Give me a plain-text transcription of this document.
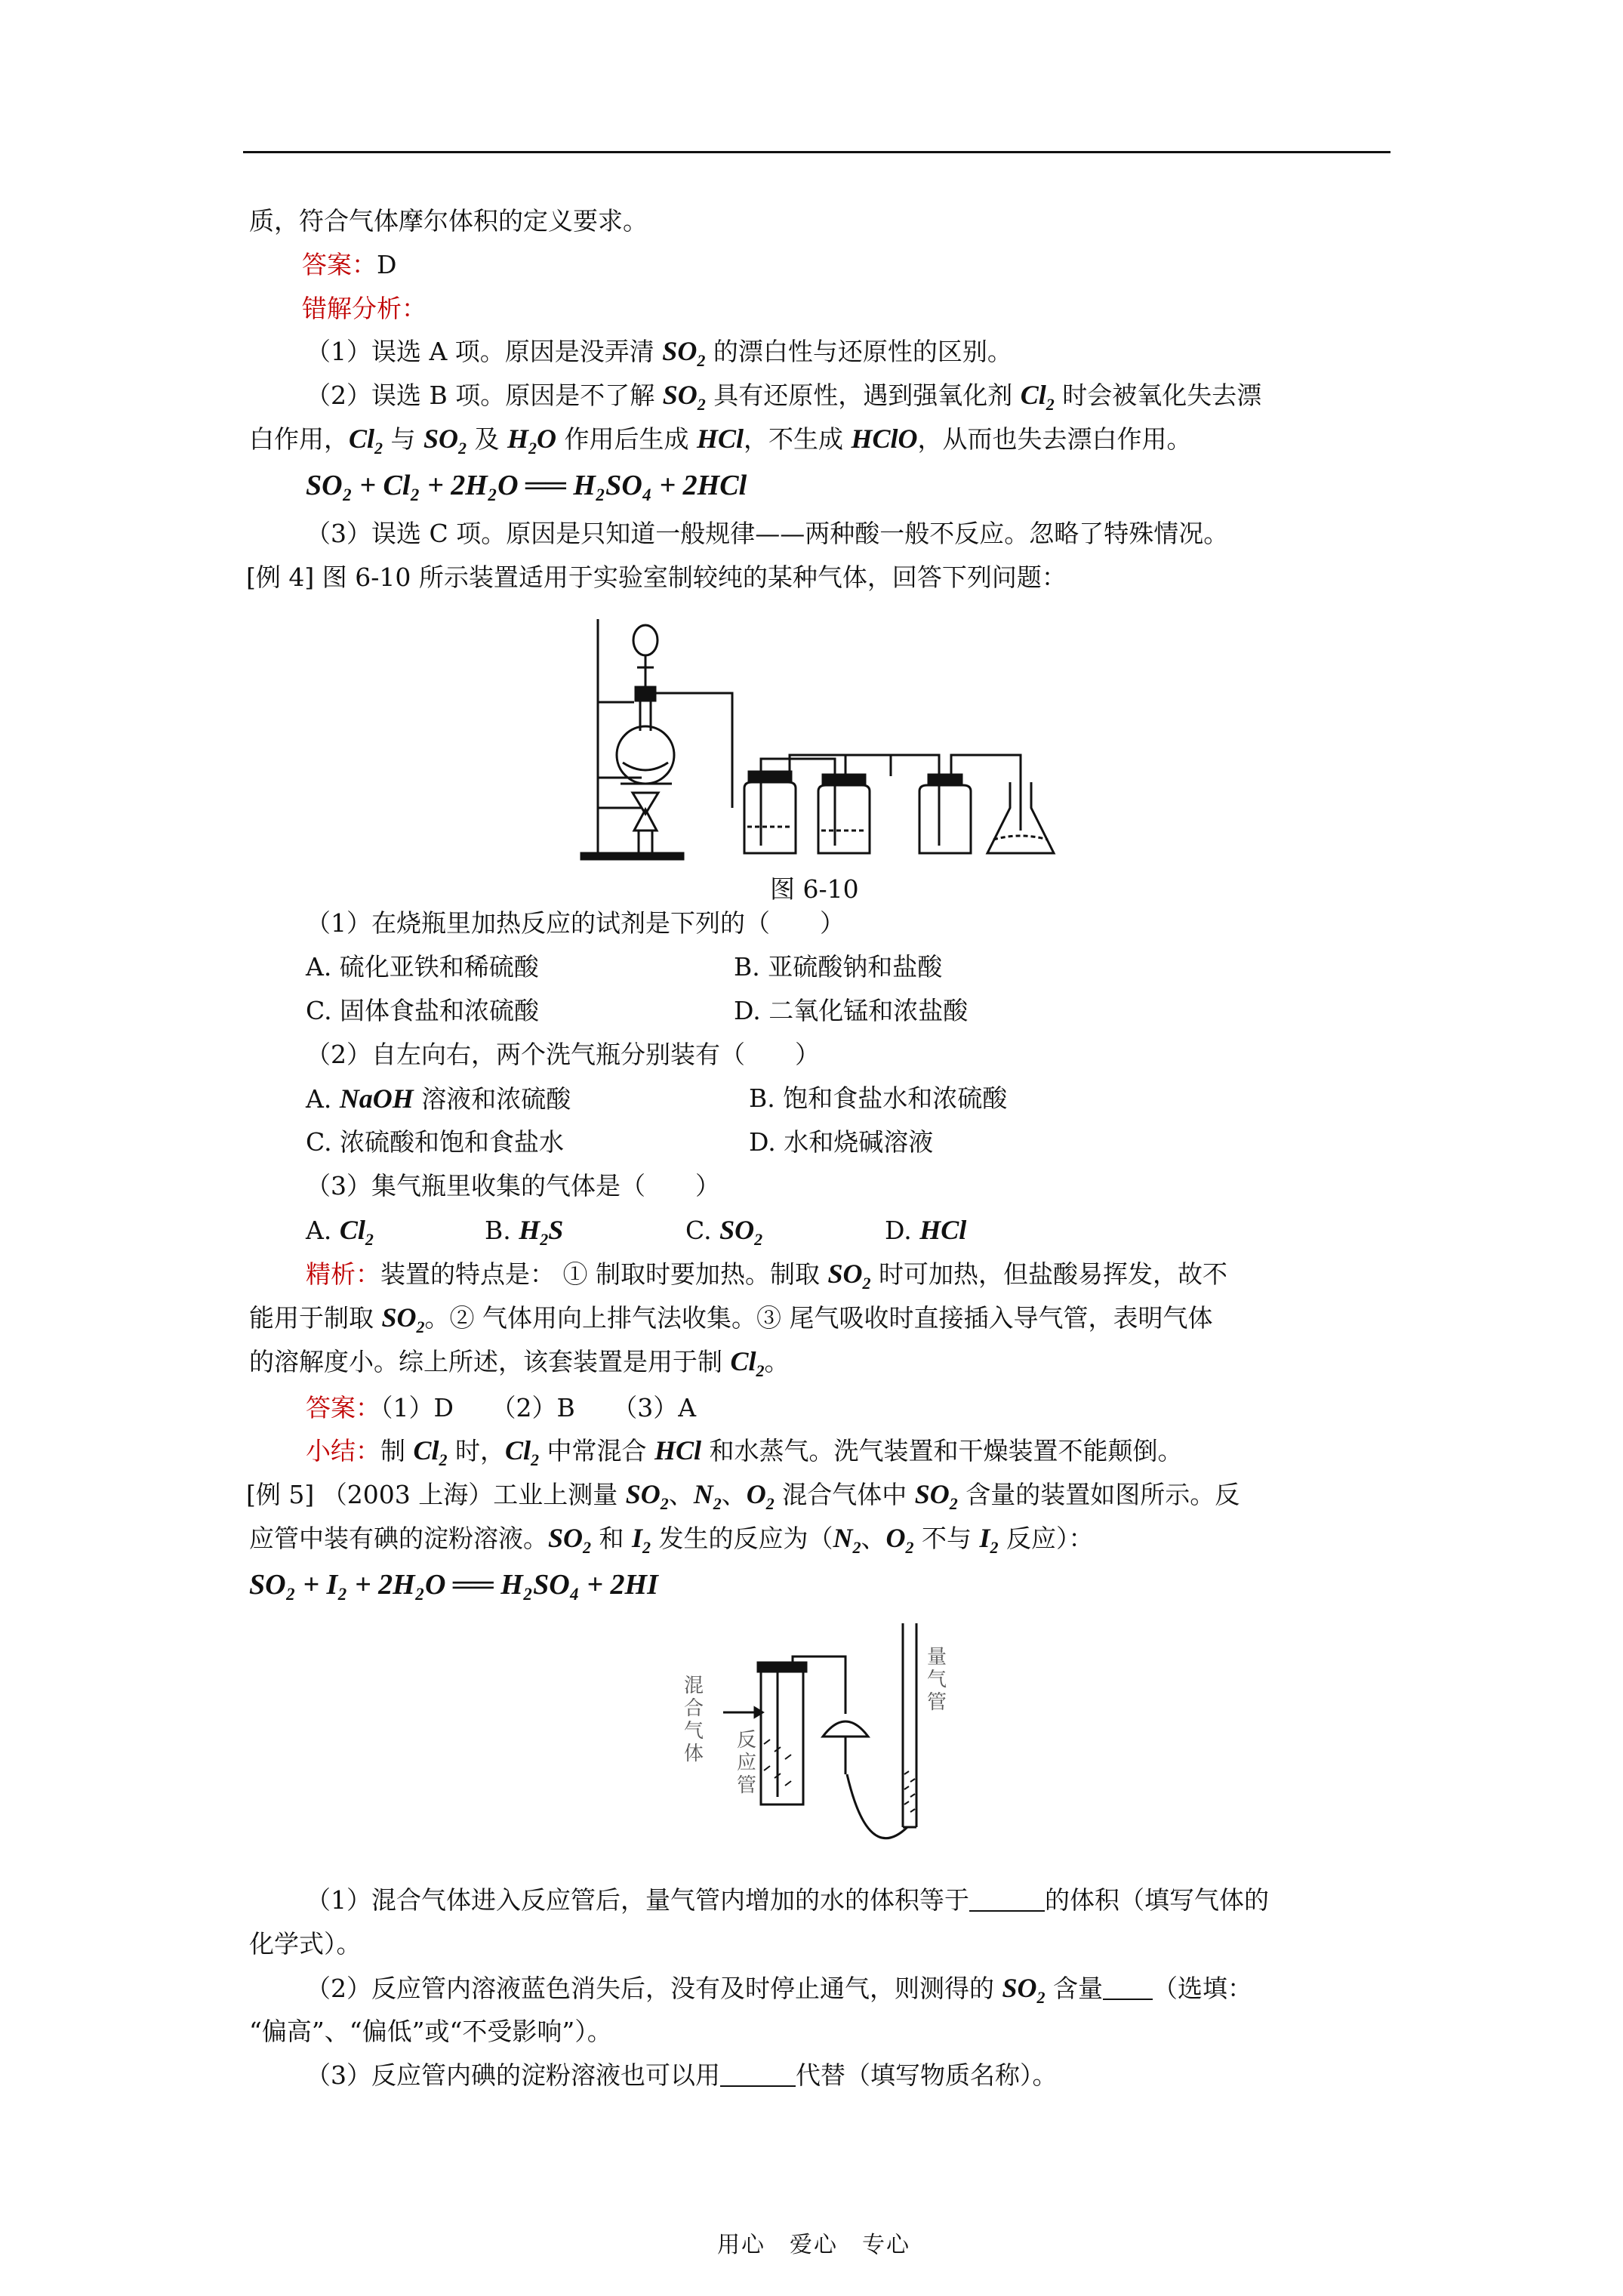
质，符合气体摩尔体积的定义要求。
答案：D
错解分析：
（1）误选 A 项。原因是没弄清 $SO_2$ 的漂白性与还原性的区别。
（2）误选 B 项。原因是不了解 $SO_2$ 具有还原性，遇到强氧化剂 $Cl_2$ 时会被氧化失去漂
白作用，$Cl_2$ 与 $SO_2$ 及 $H_2O$ 作用后生成 HCl，不生成 HClO，从而也失去漂白作用。
SO₂ + Cl₂ + 2H₂O ══ H₂SO₄ + 2HCl
（3）误选 C 项。原因是只知道一般规律——两种酸一般不反应。忽略了特殊情况。
[例 4] 图 6-10 所示装置适用于实验室制较纯的某种气体，回答下列问题：
图 6-10
（1）在烧瓶里加热反应的试剂是下列的（　　）
A. 硫化亚铁和稀硫酸	B. 亚硫酸钠和盐酸
C. 固体食盐和浓硫酸	D. 二氧化锰和浓盐酸
（2）自左向右，两个洗气瓶分别装有（　　）
A. NaOH 溶液和浓硫酸	B. 饱和食盐水和浓硫酸
C. 浓硫酸和饱和食盐水	D. 水和烧碱溶液
（3）集气瓶里收集的气体是（　　）
A. $Cl_2$	B. $H_2S$	C. $SO_2$	D. HCl
精析：装置的特点是： ① 制取时要加热。制取 $SO_2$ 时可加热，但盐酸易挥发，故不
能用于制取 $SO_2$。② 气体用向上排气法收集。③ 尾气吸收时直接插入导气管，表明气体
的溶解度小。综上所述，该套装置是用于制 $Cl_2$。
答案：（1）D　　（2）B　　（3）A
小结：制 $Cl_2$ 时，$Cl_2$ 中常混合 HCl 和水蒸气。洗气装置和干燥装置不能颠倒。
[例 5] （2003 上海）工业上测量 $SO_2$、$N_2$、$O_2$ 混合气体中 $SO_2$ 含量的装置如图所示。反
应管中装有碘的淀粉溶液。$SO_2$ 和 $I_2$ 发生的反应为（$N_2$、$O_2$ 不与 $I_2$ 反应）：
SO₂ + I₂ + 2H₂O ══ H₂SO₄ + 2HI
混合气体
反应管
量气管
（1）混合气体进入反应管后，量气管内增加的水的体积等于	的体积（填写气体的
化学式）。
（2）反应管内溶液蓝色消失后，没有及时停止通气，则测得的 $SO_2$ 含量 （选填：
“偏高”、“偏低”或“不受影响”）。
（3）反应管内碘的淀粉溶液也可以用	代替（填写物质名称）。
用心　爱心　专心
